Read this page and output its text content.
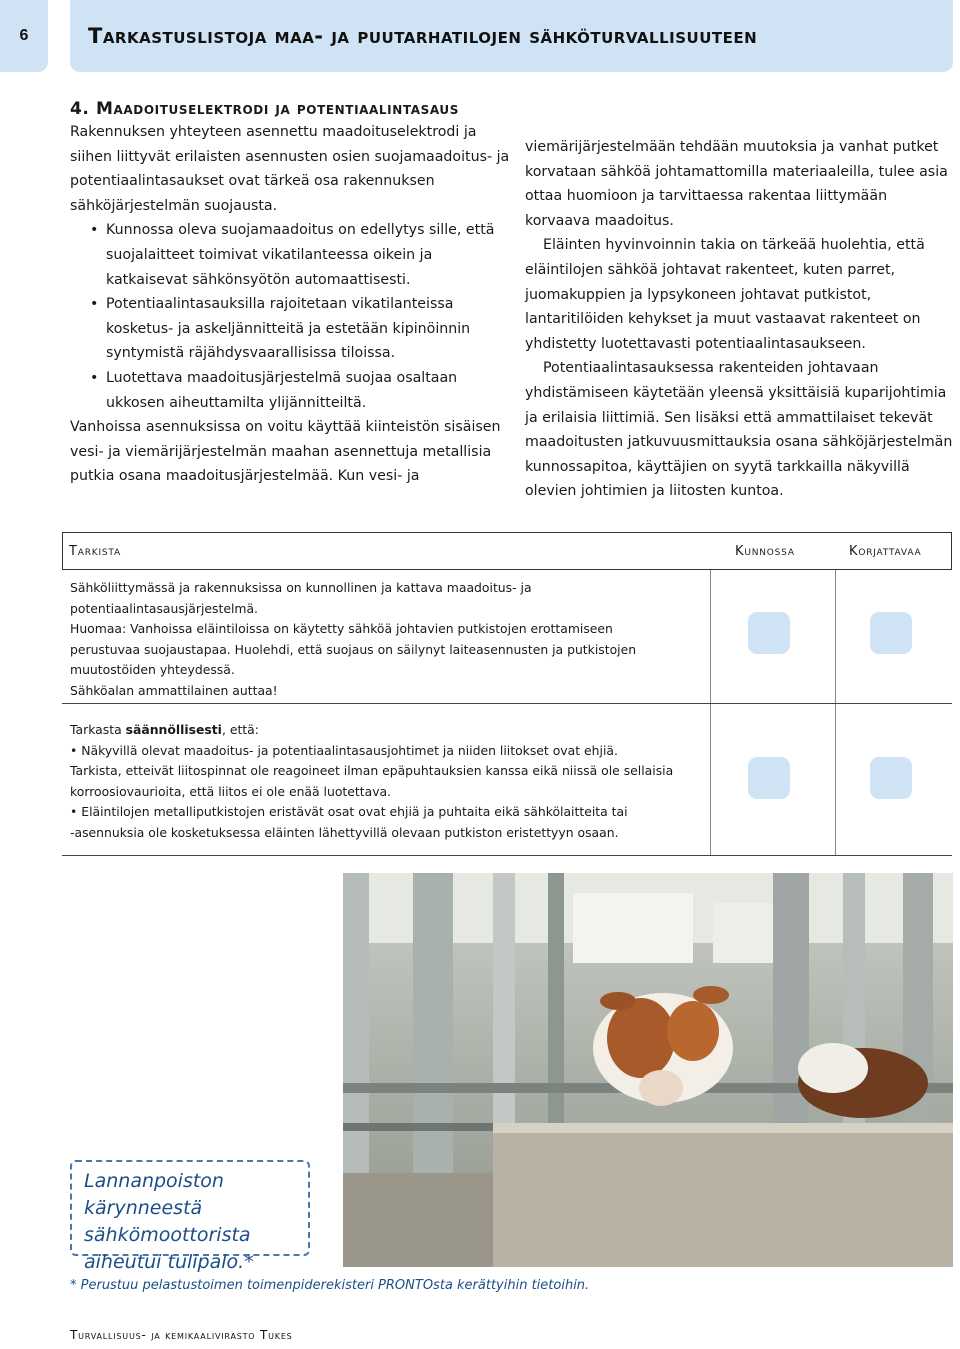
6	Tarkastuslistoja maa- ja puutarhatilojen sähköturvallisuuteen
4. Maadoituselektrodi ja potentiaalintasaus

Rakennuksen yhteyteen asennettu maadoituselektrodi ja siihen liittyvät erilaisten asennusten osien suojamaadoitus- ja potentiaalintasaukset ovat tärkeä osa rakennuksen sähköjärjestelmän suojausta.

• Kunnossa oleva suojamaadoitus on edellytys sille, että suojalaitteet toimivat vikatilanteessa oikein ja katkaisevat sähkönsyötön automaattisesti.
• Potentiaalintasauksilla rajoitetaan vikatilanteissa kosketus- ja askeljännitteitä ja estetään kipinöinnin syntymistä räjähdysvaarallisissa tiloissa.
• Luotettava maadoitusjärjestelmä suojaa osaltaan ukkosen aiheuttamilta ylijännitteiltä.

Vanhoissa asennuksissa on voitu käyttää kiinteistön sisäisen vesi- ja viemärijärjestelmän maahan asennettuja metallisia putkia osana maadoitusjärjestelmää. Kun vesi- ja

viemärijärjestelmään tehdään muutoksia ja vanhat putket korvataan sähköä johtamattomilla materiaaleilla, tulee asia ottaa huomioon ja tarvittaessa rakentaa liittymään korvaava maadoitus.

Eläinten hyvinvoinnin takia on tärkeää huolehtia, että eläintilojen sähköä johtavat rakenteet, kuten parret, juomakuppien ja lypsykoneen johtavat putkistot, lantaritilöiden kehykset ja muut vastaavat rakenteet on yhdistetty luotettavasti potentiaalintasaukseen.

Potentiaalintasauksessa rakenteiden johtavaan yhdistämiseen käytetään yleensä yksittäisiä kuparijohtimia ja erilaisia liittimiä. Sen lisäksi että ammattilaiset tekevät maadoitusten jatkuvuusmittauksia osana sähköjärjestelmän kunnossapitoa, käyttäjien on syytä tarkkailla näkyvillä olevien johtimien ja liitosten kuntoa.

Tarkista	Kunnossa	Korjattavaa
Sähköliittymässä ja rakennuksissa on kunnollinen ja kattava maadoitus- ja potentiaalintasausjärjestelmä.
Huomaa: Vanhoissa eläintiloissa on käytetty sähköä johtavien putkistojen erottamiseen perustuvaa suojaustapaa. Huolehdi, että suojaus on säilynyt laiteasennusten ja putkistojen muutostöiden yhteydessä.
Sähköalan ammattilainen auttaa!
Tarkasta säännöllisesti, että:
• Näkyvillä olevat maadoitus- ja potentiaalintasausjohtimet ja niiden liitokset ovat ehjiä.
Tarkista, etteivät liitospinnat ole reagoineet ilman epäpuhtauksien kanssa eikä niissä ole sellaisia korroosiovaurioita, että liitos ei ole enää luotettava.
• Eläintilojen metalliputkistojen eristävät osat ovat ehjiä ja puhtaita eikä sähkölaitteita tai
-asennuksia ole kosketuksessa eläinten lähettyvillä olevaan putkiston eristettyyn osaan.
Lannanpoiston kärynneestä sähkömoottorista aiheutui tulipalo.*
* Perustuu pelastustoimen toimenpiderekisteri PRONTOsta kerättyihin tietoihin.
Turvallisuus- ja kemikaalivirasto Tukes
